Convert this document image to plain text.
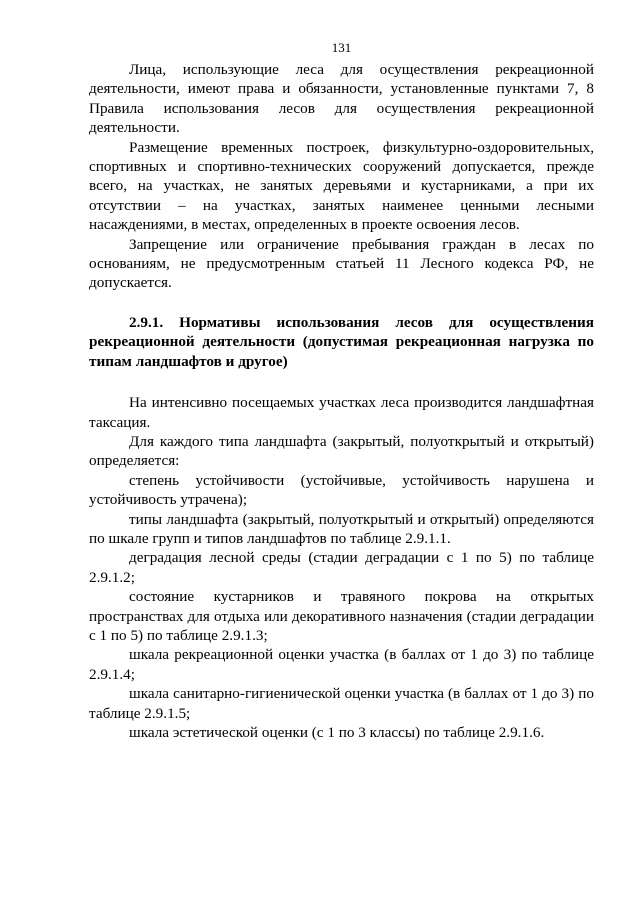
131

Лица, использующие леса для осуществления рекреационной деятельности, имеют права и обязанности, установленные пунктами 7, 8 Правила использования лесов для осуществления рекреационной деятельности.

Размещение временных построек, физкультурно-оздоровительных, спортивных и спортивно-технических сооружений допускается, прежде всего, на участках, не занятых деревьями и кустарниками, а при их отсутствии – на участках, занятых наименее ценными лесными насаждениями, в местах, определенных в проекте освоения лесов.

Запрещение или ограничение пребывания граждан в лесах по основаниям, не предусмотренным статьей 11 Лесного кодекса РФ, не допускается.

2.9.1. Нормативы использования лесов для осуществления рекреационной деятельности (допустимая рекреационная нагрузка по типам ландшафтов и другое)

На интенсивно посещаемых участках леса производится ландшафтная таксация.

Для каждого типа ландшафта (закрытый, полуоткрытый и открытый) определяется:

степень устойчивости (устойчивые, устойчивость нарушена и устойчивость утрачена);

типы ландшафта (закрытый, полуоткрытый и открытый) определяются по шкале групп и типов ландшафтов по таблице 2.9.1.1.

деградация лесной среды (стадии деградации с 1 по 5) по таблице 2.9.1.2;

состояние кустарников и травяного покрова на открытых пространствах для отдыха или декоративного назначения (стадии деградации с 1 по 5) по таблице 2.9.1.3;

шкала рекреационной оценки участка (в баллах от 1 до 3) по таблице 2.9.1.4;

шкала санитарно-гигиенической оценки участка (в баллах от 1 до 3) по таблице 2.9.1.5;

шкала эстетической оценки (с 1 по 3 классы) по таблице 2.9.1.6.
